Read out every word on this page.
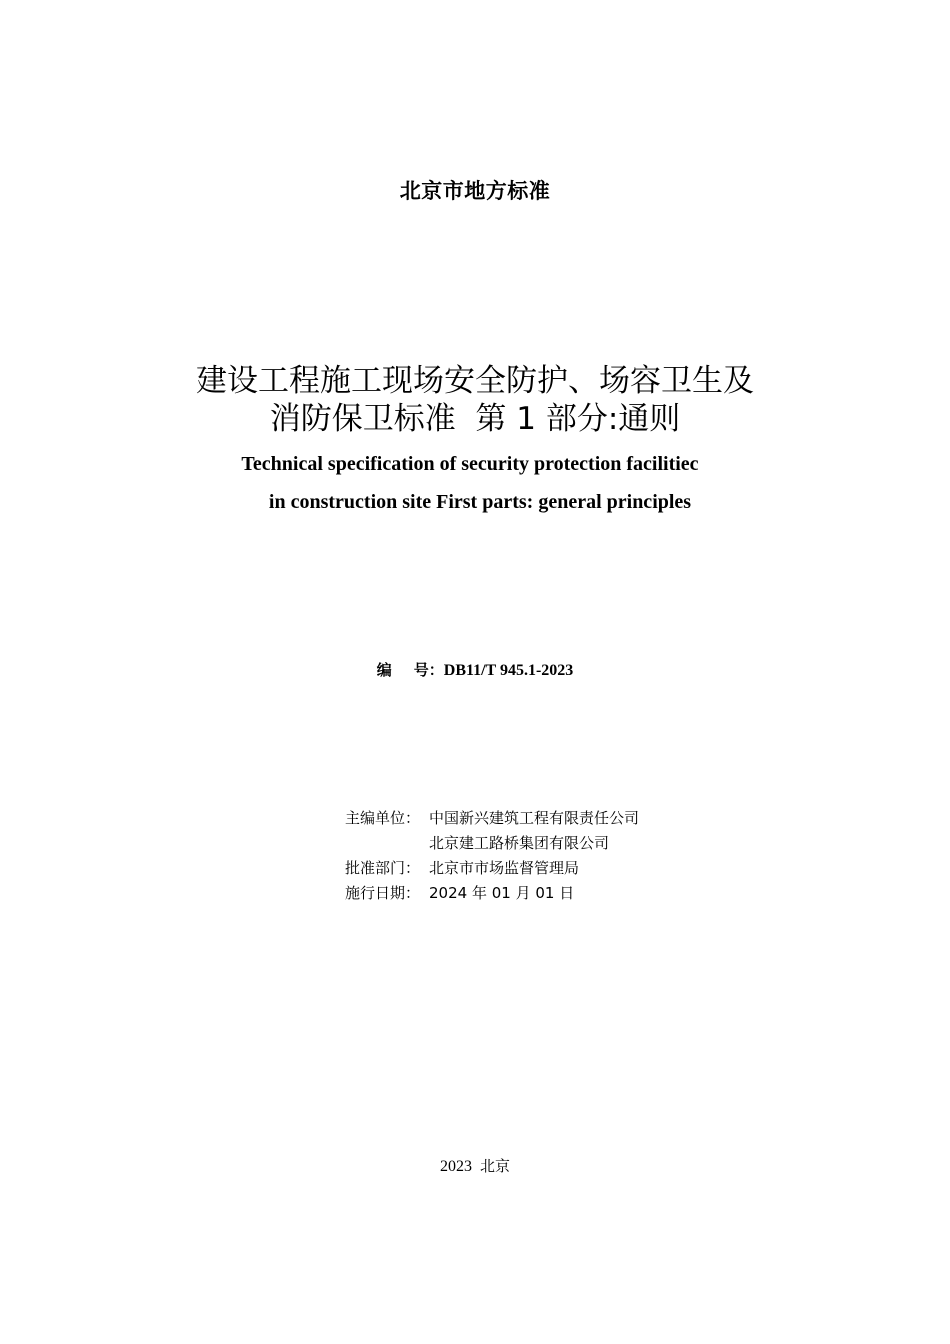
北京市地方标准
建设工程施工现场安全防护、场容卫生及
消防保卫标准  第 1 部分:通则
Technical specification of security protection facilitiec
in construction site First parts: general principles
编 号：DB11/T 945.1-2023
主编单位： 中国新兴建筑工程有限责任公司
北京建工路桥集团有限公司
批准部门： 北京市市场监督管理局
施行日期： 2024 年 01 月 01 日
2023 北京
